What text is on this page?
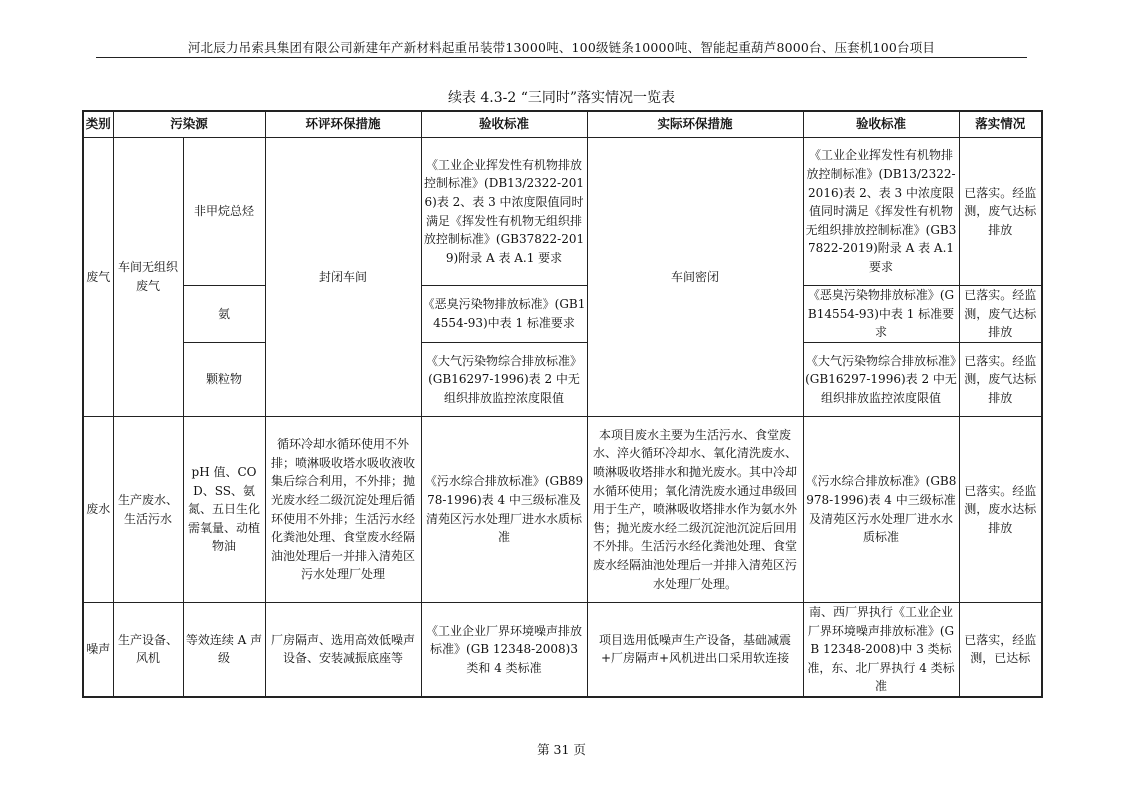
河北辰力吊索具集团有限公司新建年产新材料起重吊装带13000吨、100级链条10000吨、智能起重葫芦8000台、压套机100台项目
续表 4.3-2 “三同时”落实情况一览表
类别	污染源		环评环保措施	验收标准	实际环保措施	验收标准	落实情况
废气	车间无组织废气	非甲烷总烃	封闭车间	《工业企业挥发性有机物排放控制标准》(DB13/2322-2016)表 2、表 3 中浓度限值同时满足《挥发性有机物无组织排放控制标准》(GB37822-2019)附录 A 表 A.1 要求	车间密闭	《工业企业挥发性有机物排放控制标准》(DB13/2322-2016)表 2、表 3 中浓度限值同时满足《挥发性有机物无组织排放控制标准》(GB37822-2019)附录 A 表 A.1 要求	已落实。经监测，废气达标排放
		氨		《恶臭污染物排放标准》(GB14554-93)中表 1 标准要求		《恶臭污染物排放标准》(GB14554-93)中表 1 标准要求	已落实。经监测，废气达标排放
		颗粒物		《大气污染物综合排放标准》(GB16297-1996)表 2 中无组织排放监控浓度限值		《大气污染物综合排放标准》(GB16297-1996)表 2 中无组织排放监控浓度限值	已落实。经监测，废气达标排放
废水	生产废水、生活污水	pH 值、COD、SS、氨氮、五日生化需氧量、动植物油	循环冷却水循环使用不外排；喷淋吸收塔水吸收液收集后综合利用，不外排；抛光废水经二级沉淀处理后循环使用不外排；生活污水经化粪池处理、食堂废水经隔油池处理后一并排入清苑区污水处理厂处理	《污水综合排放标准》(GB8978-1996)表 4 中三级标准及清苑区污水处理厂进水水质标准	本项目废水主要为生活污水、食堂废水、淬火循环冷却水、氧化清洗废水、喷淋吸收塔排水和抛光废水。其中冷却水循环使用；氧化清洗废水通过串级回用于生产，喷淋吸收塔排水作为氨水外售；抛光废水经二级沉淀池沉淀后回用不外排。生活污水经化粪池处理、食堂废水经隔油池处理后一并排入清苑区污水处理厂处理。	《污水综合排放标准》(GB8978-1996)表 4 中三级标准及清苑区污水处理厂进水水质标准	已落实。经监测，废水达标排放
噪声	生产设备、风机	等效连续 A 声级	厂房隔声、选用高效低噪声设备、安装减振底座等	《工业企业厂界环境噪声排放标准》(GB 12348-2008)3 类和 4 类标准	项目选用低噪声生产设备，基础减震+厂房隔声+风机进出口采用软连接	南、西厂界执行《工业企业厂界环境噪声排放标准》(GB 12348-2008)中 3 类标准，东、北厂界执行 4 类标准	已落实，经监测，已达标
第 31 页
